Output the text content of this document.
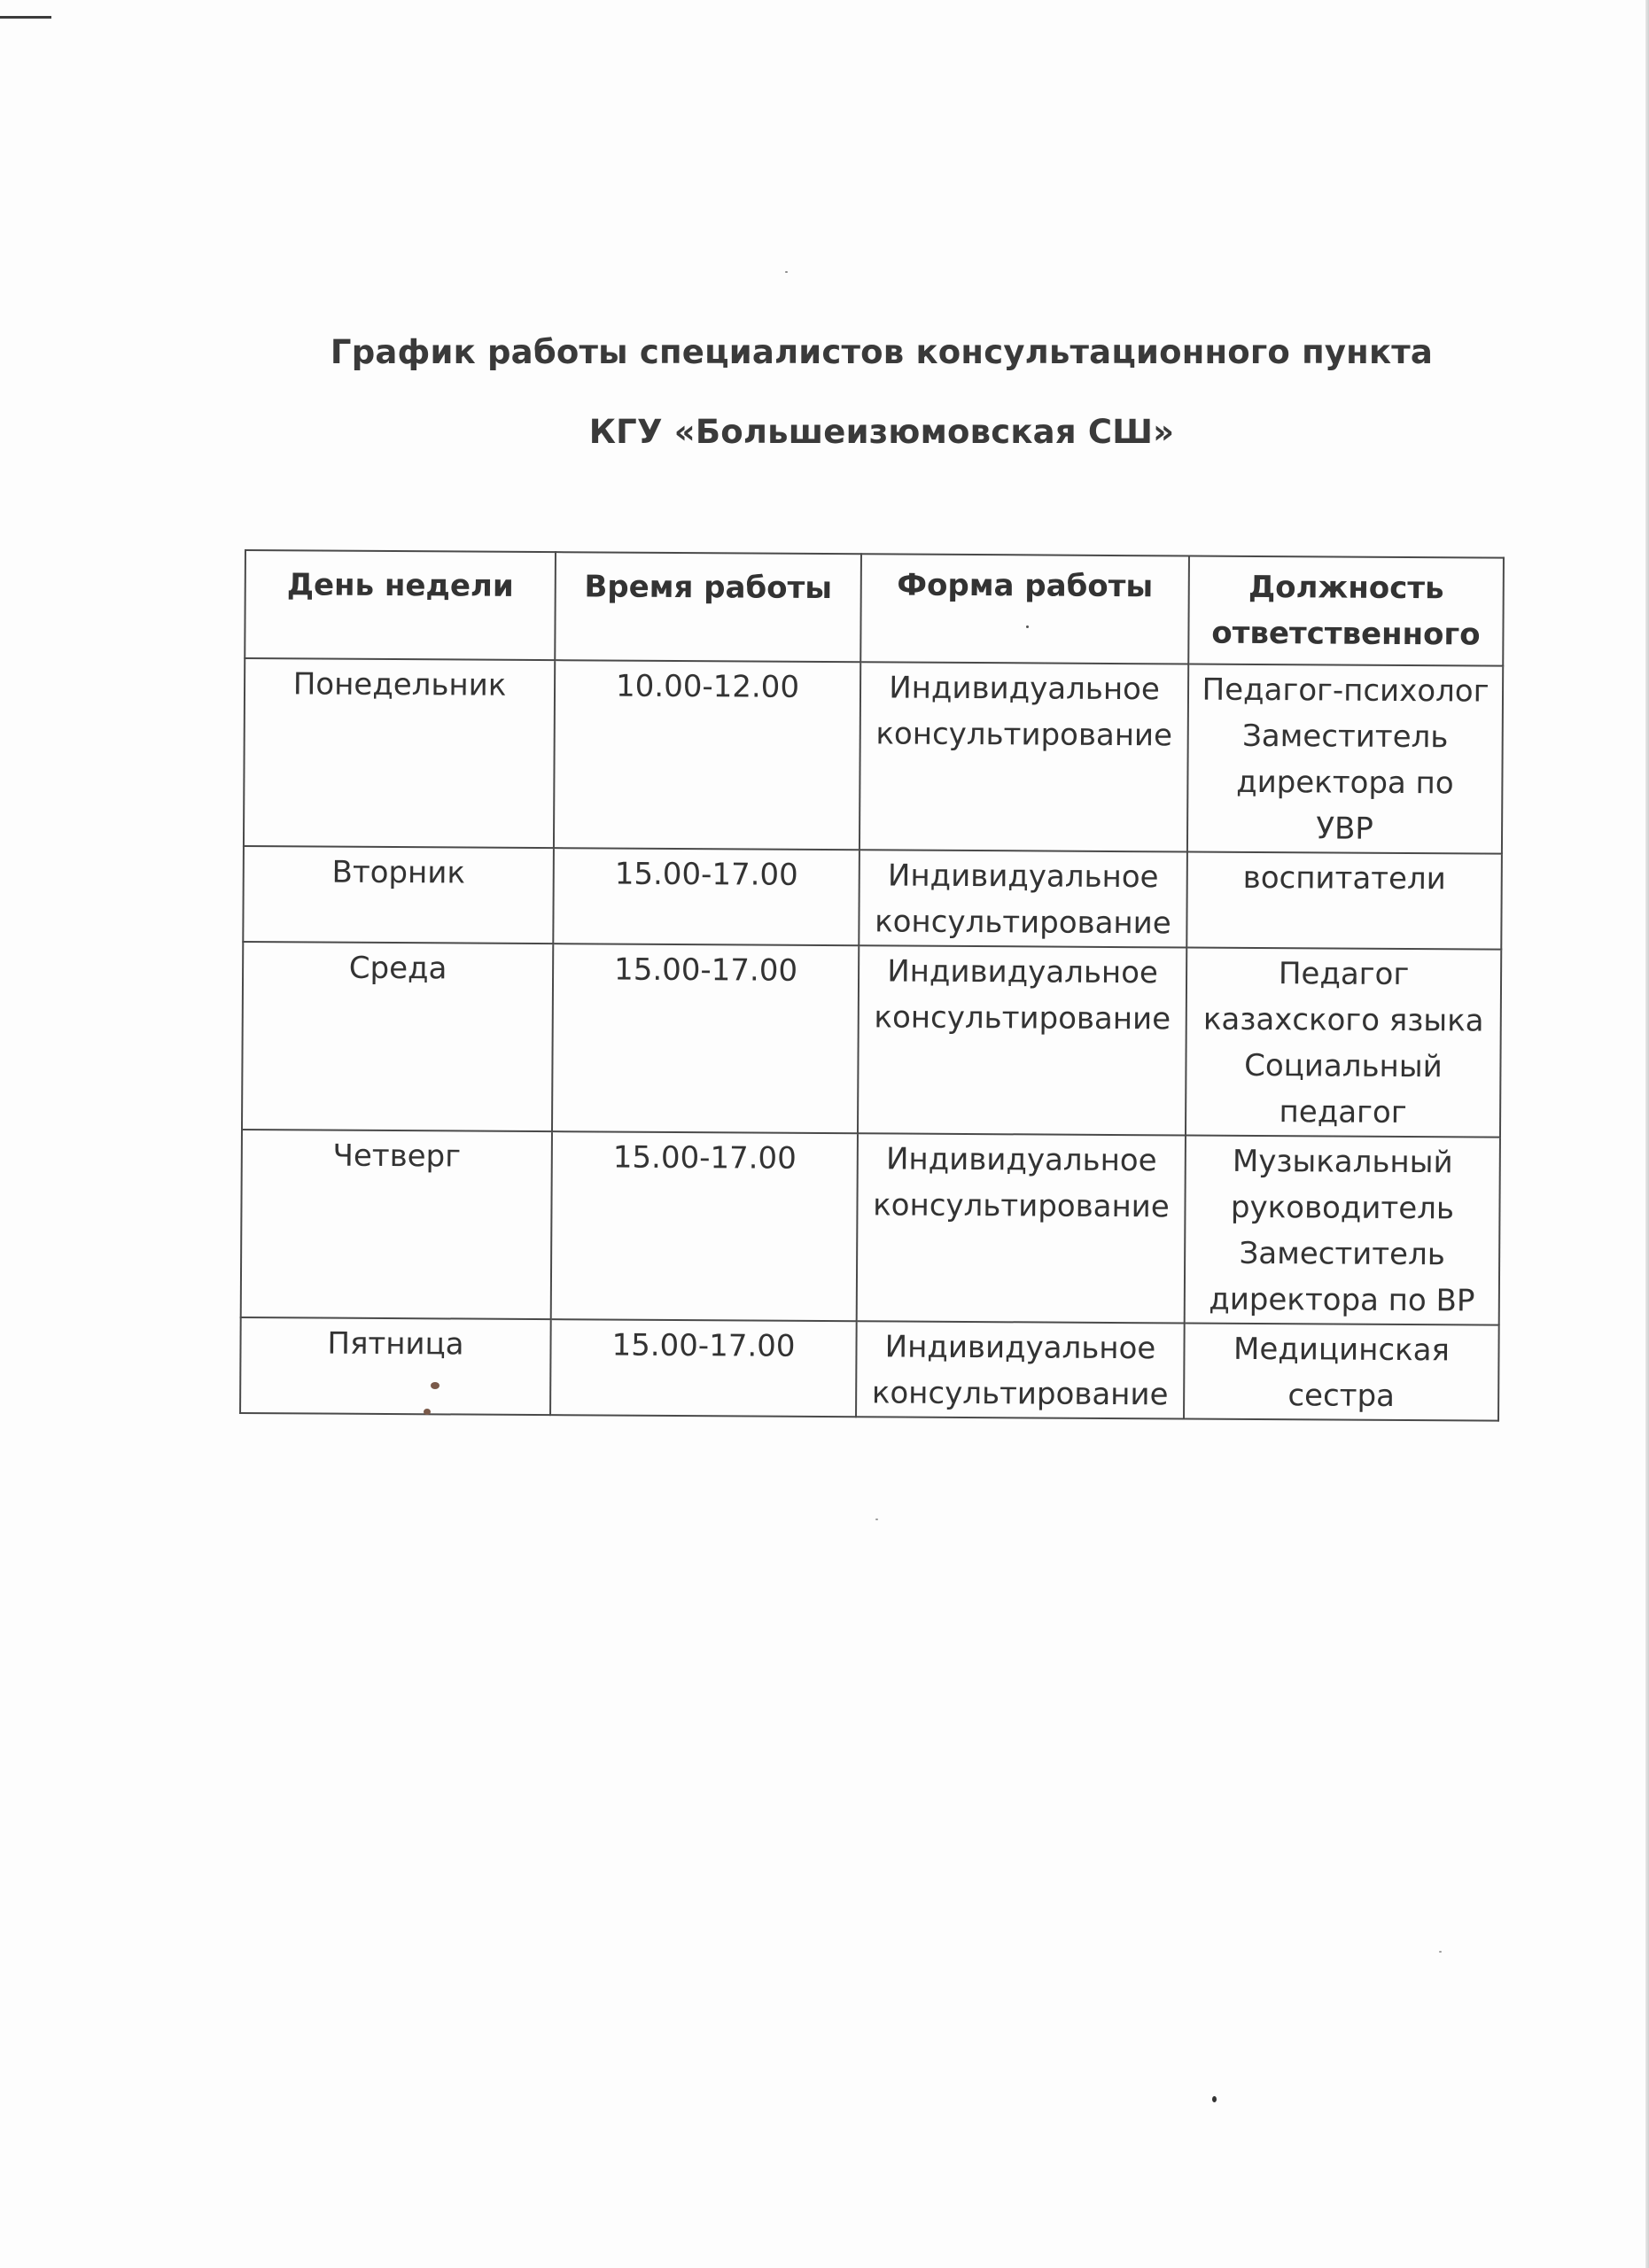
График работы специалистов консультационного пункта
КГУ «Большеизюмовская СШ»
День недели	Время работы	Форма работы	Должность
ответственного

Понедельник	10.00-12.00	Индивидуальное
консультирование	Педагог-психолог
Заместитель
директора по
УВР

Вторник	15.00-17.00	Индивидуальное
консультирование	воспитатели

Среда	15.00-17.00	Индивидуальное
консультирование	Педагог
казахского языка
Социальный
педагог

Четверг	15.00-17.00	Индивидуальное
консультирование	Музыкальный
руководитель
Заместитель
директора по ВР

Пятница	15.00-17.00	Индивидуальное
консультирование	Медицинская
сестра
